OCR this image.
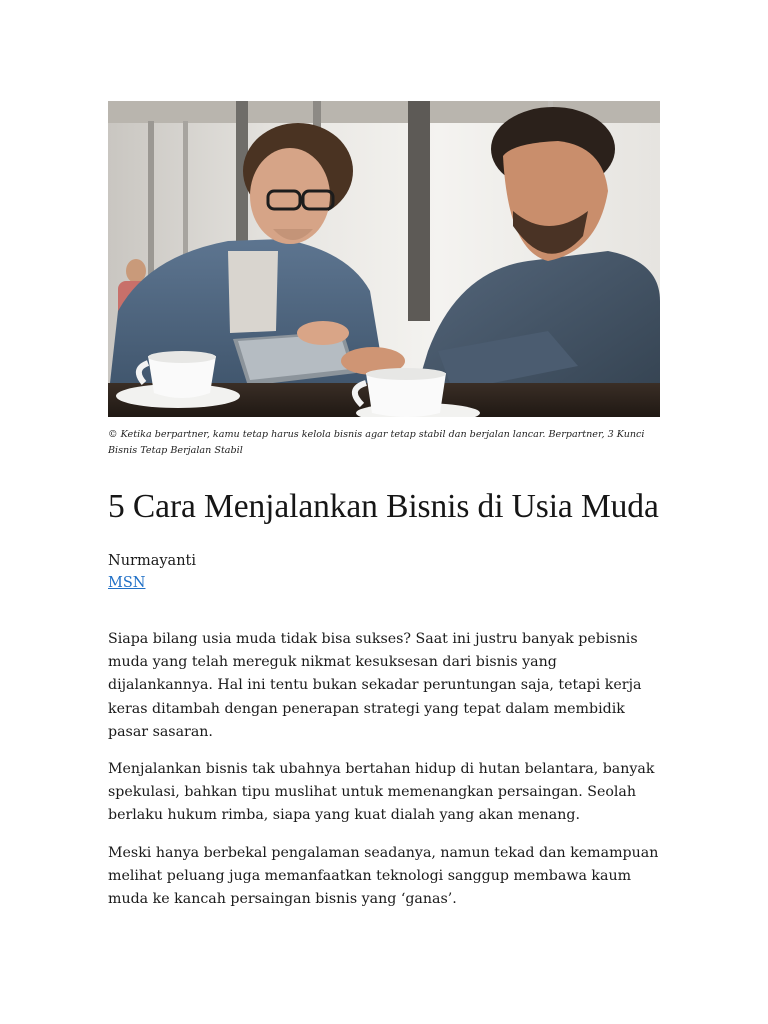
© Ketika berpartner, kamu tetap harus kelola bisnis agar tetap stabil dan berjalan lancar. Berpartner, 3 Kunci
Bisnis Tetap Berjalan Stabil
5 Cara Menjalankan Bisnis di Usia Muda
Nurmayanti
MSN

Siapa bilang usia muda tidak bisa sukses? Saat ini justru banyak pebisnis
muda yang telah mereguk nikmat kesuksesan dari bisnis yang
dijalankannya. Hal ini tentu bukan sekadar peruntungan saja, tetapi kerja
keras ditambah dengan penerapan strategi yang tepat dalam membidik
pasar sasaran.

Menjalankan bisnis tak ubahnya bertahan hidup di hutan belantara, banyak
spekulasi, bahkan tipu muslihat untuk memenangkan persaingan. Seolah
berlaku hukum rimba, siapa yang kuat dialah yang akan menang.

Meski hanya berbekal pengalaman seadanya, namun tekad dan kemampuan
melihat peluang juga memanfaatkan teknologi sanggup membawa kaum
muda ke kancah persaingan bisnis yang ‘ganas’.
